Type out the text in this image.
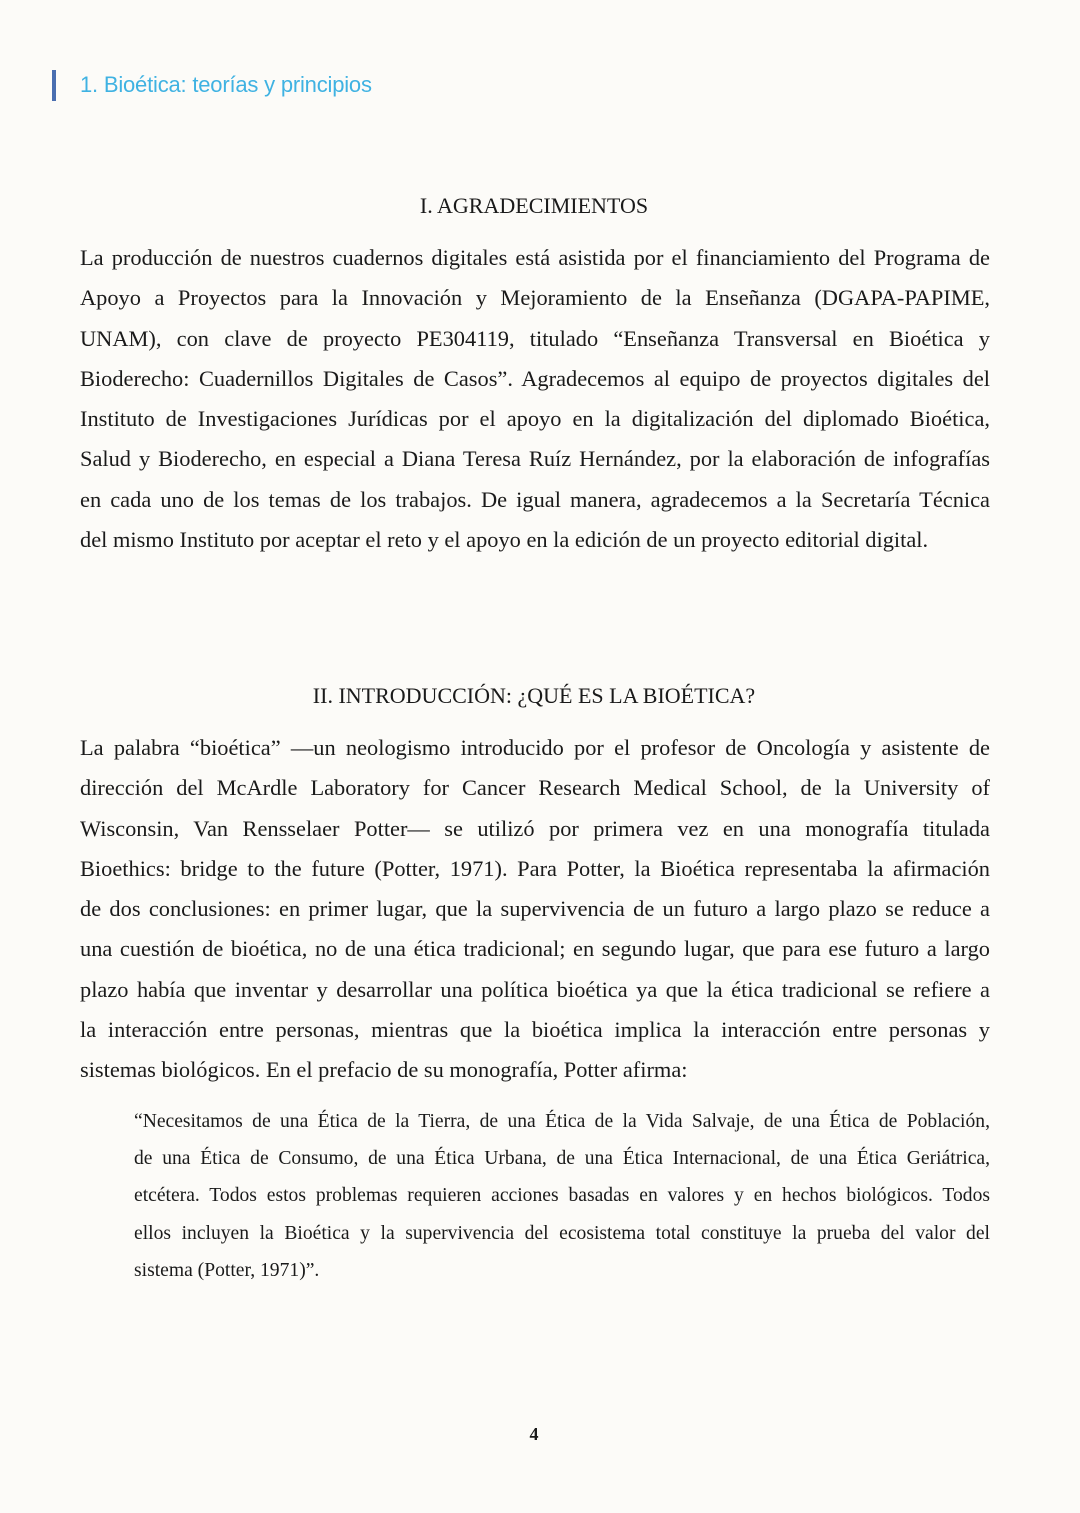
1. Bioética: teorías y principios
I. AGRADECIMIENTOS
La producción de nuestros cuadernos digitales está asistida por el financiamiento del Programa de
Apoyo a Proyectos para la Innovación y Mejoramiento de la Enseñanza (DGAPA-PAPIME,
UNAM), con clave de proyecto PE304119, titulado “Enseñanza Transversal en Bioética y
Bioderecho: Cuadernillos Digitales de Casos”. Agradecemos al equipo de proyectos digitales del
Instituto de Investigaciones Jurídicas por el apoyo en la digitalización del diplomado Bioética,
Salud y Bioderecho, en especial a Diana Teresa Ruíz Hernández, por la elaboración de infografías
en cada uno de los temas de los trabajos. De igual manera, agradecemos a la Secretaría Técnica
del mismo Instituto por aceptar el reto y el apoyo en la edición de un proyecto editorial digital.
II. INTRODUCCIÓN: ¿QUÉ ES LA BIOÉTICA?
La palabra “bioética” —un neologismo introducido por el profesor de Oncología y asistente de
dirección del McArdle Laboratory for Cancer Research Medical School, de la University of
Wisconsin, Van Rensselaer Potter— se utilizó por primera vez en una monografía titulada
Bioethics: bridge to the future (Potter, 1971). Para Potter, la Bioética representaba la afirmación
de dos conclusiones: en primer lugar, que la supervivencia de un futuro a largo plazo se reduce a
una cuestión de bioética, no de una ética tradicional; en segundo lugar, que para ese futuro a largo
plazo había que inventar y desarrollar una política bioética ya que la ética tradicional se refiere a
la interacción entre personas, mientras que la bioética implica la interacción entre personas y
sistemas biológicos. En el prefacio de su monografía, Potter afirma:
“Necesitamos de una Ética de la Tierra, de una Ética de la Vida Salvaje, de una Ética de Población,
de una Ética de Consumo, de una Ética Urbana, de una Ética Internacional, de una Ética Geriátrica,
etcétera. Todos estos problemas requieren acciones basadas en valores y en hechos biológicos. Todos
ellos incluyen la Bioética y la supervivencia del ecosistema total constituye la prueba del valor del
sistema (Potter, 1971)”.
4
